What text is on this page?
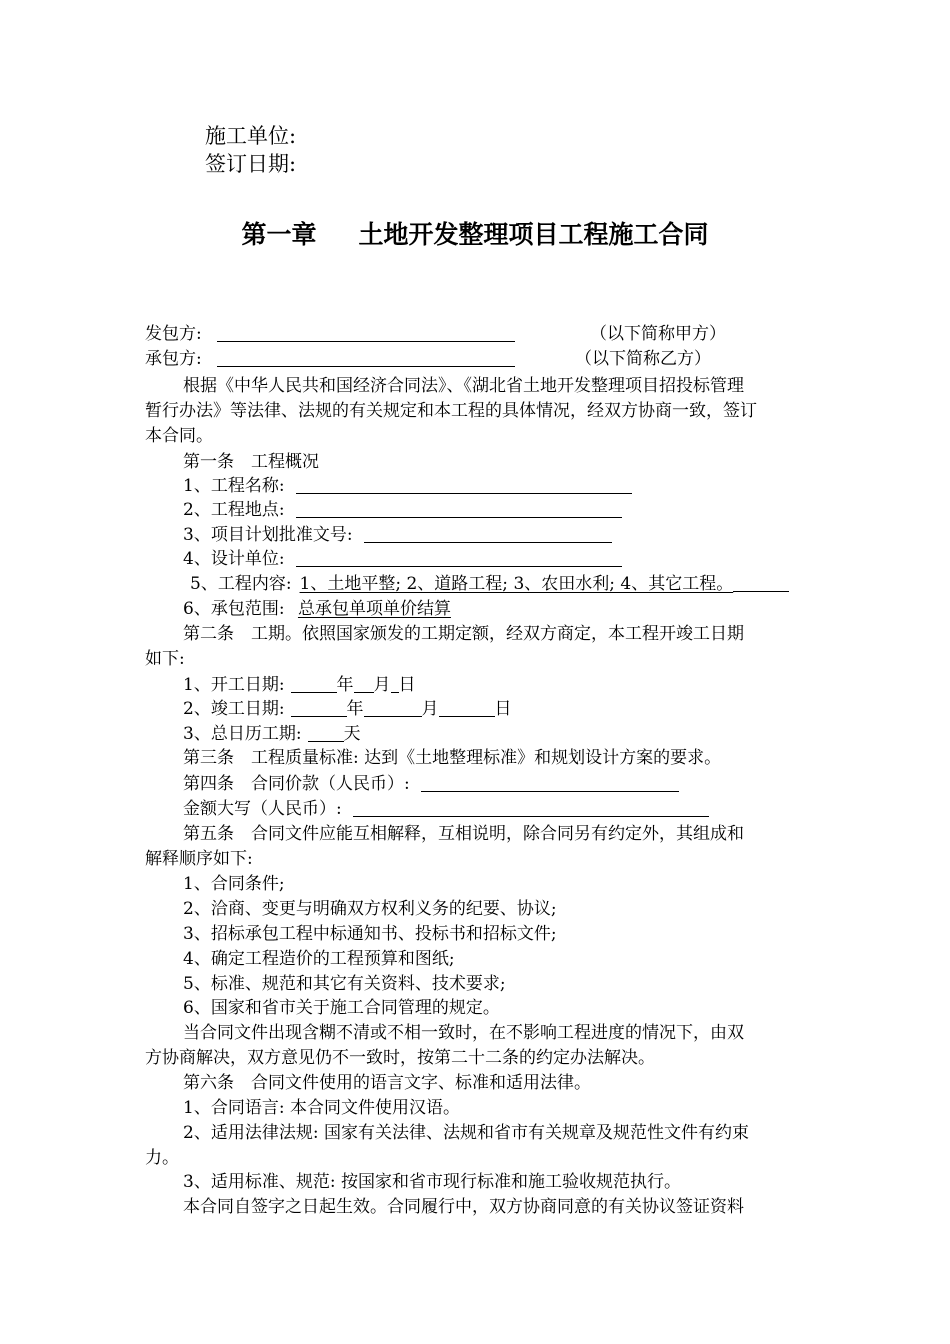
施工单位:
签订日期:
第一章 土地开发整理项目工程施工合同
发包方:	（以下简称甲方）
承包方:	（以下简称乙方）
根据《中华人民共和国经济合同法》、《湖北省土地开发整理项目招投标管理
暂行办法》等法律、法规的有关规定和本工程的具体情况，经双方协商一致，签订
本合同。
第一条　工程概况
1、工程名称:
2、工程地点:
3、项目计划批准文号:
4、设计单位:
5、工程内容: 1、土地平整; 2、道路工程; 3、农田水利; 4、其它工程。
6、承包范围: 总承包单项单价结算
第二条　工期。依照国家颁发的工期定额，经双方商定，本工程开竣工日期
如下:
1、开工日期:	年 月 日
2、竣工日期:	年	月	日
3、总日历工期: 天
第三条　工程质量标准: 达到《土地整理标准》和规划设计方案的要求。
第四条　合同价款（人民币）:
金额大写（人民币）:
第五条　合同文件应能互相解释，互相说明，除合同另有约定外，其组成和
解释顺序如下:
1、合同条件;
2、洽商、变更与明确双方权利义务的纪要、协议;
3、招标承包工程中标通知书、投标书和招标文件;
4、确定工程造价的工程预算和图纸;
5、标准、规范和其它有关资料、技术要求;
6、国家和省市关于施工合同管理的规定。
当合同文件出现含糊不清或不相一致时，在不影响工程进度的情况下，由双
方协商解决，双方意见仍不一致时，按第二十二条的约定办法解决。
第六条　合同文件使用的语言文字、标准和适用法律。
1、合同语言: 本合同文件使用汉语。
2、适用法律法规: 国家有关法律、法规和省市有关规章及规范性文件有约束
力。
3、适用标准、规范: 按国家和省市现行标准和施工验收规范执行。
本合同自签字之日起生效。合同履行中，双方协商同意的有关协议签证资料
